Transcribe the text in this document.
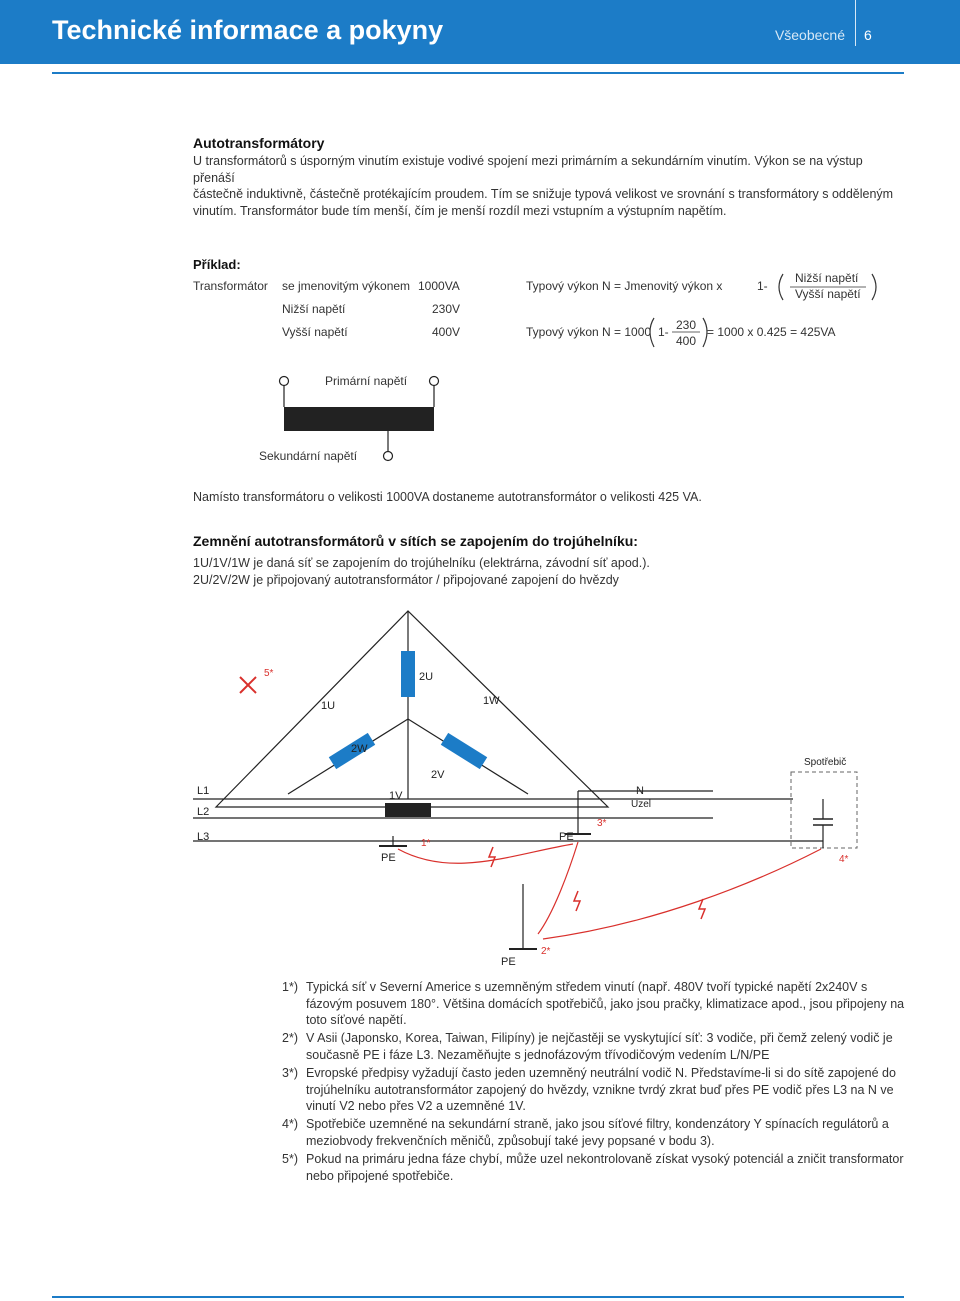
Technické informace a pokyny	Všeobecné 6
Autotransformátory
U transformátorů s úsporným vinutím existuje vodivé spojení mezi primárním a sekundárním vinutím. Výkon se na výstup přenáší
částečně induktivně, částečně protékajícím proudem. Tím se snižuje typová velikost ve srovnání s transformátory s odděleným
vinutím. Transformátor bude tím menší, čím je menší rozdíl mezi vstupním a výstupním napětím.
Příklad:
Transformátor se jmenovitým výkonem 1000VA
Nižší napětí	230V
Vyšší napětí	400V
Typový výkon N = Jmenovitý výkon x	1-
Nižší napětí
Vyšší napětí
Typový výkon N = 1000 1- 230
400
= 1000 x 0.425 = 425VA
Primární napětí
Sekundární napětí
Namísto transformátoru o velikosti 1000VA dostaneme autotransformátor o velikosti 425 VA.
Zemnění autotransformátorů v sítích se zapojením do trojúhelníku:
1U/1V/1W je daná síť se zapojením do trojúhelníku (elektrárna, závodní síť apod.).
2U/2V/2W je připojovaný autotransformátor / připojované zapojení do hvězdy
1U	1W
1V
2U
2W
2V
L1
L2
L3
N
Uzel
PE
PE
PE
Spotřebič
1*
2*
3*
4*
5*
1*) Typická síť v Severní Americe s uzemněným středem vinutí (např. 480V tvoří typické napětí 2x240V s fázovým posuvem 180°. Většina domácích spotřebičů, jako jsou pračky, klimatizace apod., jsou připojeny na toto síťové napětí.
2*) V Asii (Japonsko, Korea, Taiwan, Filipíny) je nejčastěji se vyskytující síť: 3 vodiče, při čemž zelený vodič je současně PE i fáze L3. Nezaměňujte s jednofázovým třívodičovým vedením L/N/PE
3*) Evropské předpisy vyžadují často jeden uzemněný neutrální vodič N. Představíme-li si do sítě zapojené do trojúhelníku autotransformátor zapojený do hvězdy, vznikne tvrdý zkrat buď přes PE vodič přes L3 na N ve vinutí V2 nebo přes V2 a uzemněné 1V.
4*) Spotřebiče uzemněné na sekundární straně, jako jsou síťové filtry, kondenzátory Y spínacích regulátorů a meziobvody frekvenčních měničů, způsobují také jevy popsané v bodu 3).
5*) Pokud na primáru jedna fáze chybí, může uzel nekontrolovaně získat vysoký potenciál a zničit transformator nebo připojené spotřebiče.
